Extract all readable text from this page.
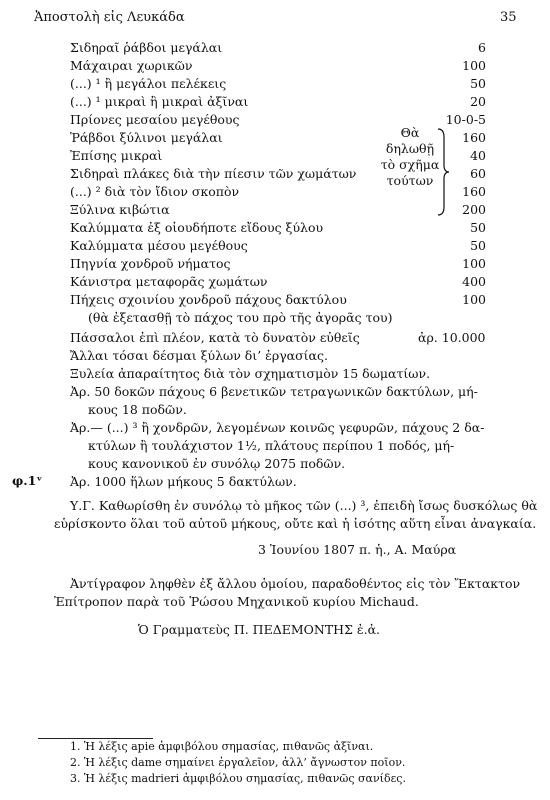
Ἀποστολὴ εἰς Λευκάδα	35
Σιδηραῖ ῥάβδοι μεγάλαι	6
Μάχαιραι χωρικῶν	100
(...) ¹ ἢ μεγάλοι πελέκεις	50
(...) ¹ μικραὶ ἢ μικραὶ ἀξῖναι	20
Πρίονες μεσαίου μεγέθους	10-0-5
Ῥάβδοι ξύλινοι μεγάλαι	160
Ἐπίσης μικραὶ	40
Σιδηραὶ πλάκες διὰ τὴν πίεσιν τῶν χωμάτων	60
(...) ² διὰ τὸν ἴδιον σκοπὸν	160
Ξύλινα κιβώτια	200
Καλύμματα ἐξ οἱουδήποτε εἴδους ξύλου	50
Καλύμματα μέσου μεγέθους	50
Πηγνία χονδροῦ νήματος	100
Κάνιστρα μεταφορᾶς χωμάτων	400
Πήχεις σχοινίου χονδροῦ πάχους δακτύλου	100
Θὰ
δηλωθῇ
τὸ σχῆμα
τούτων
(θὰ ἐξετασθῇ τὸ πάχος του πρὸ τῆς ἀγορᾶς του)
Πάσσαλοι ἐπὶ πλέον, κατὰ τὸ δυνατὸν εὐθεῖς	ἀρ. 10.000
Ἄλλαι τόσαι δέσμαι ξύλων δι’ ἐργασίας.
Ξυλεία ἀπαραίτητος διὰ τὸν σχηματισμὸν 15 δωματίων.
Ἀρ. 50 δοκῶν πάχους 6 βενετικῶν τετραγωνικῶν δακτύλων, μή-
κους 18 ποδῶν.
Ἀρ.— (...) ³ ἢ χονδρῶν, λεγομένων κοινῶς γεφυρῶν, πάχους 2 δα-
κτύλων ἢ τουλάχιστον 1½, πλάτους περίπου 1 ποδός, μή-
κους κανονικοῦ ἐν συνόλῳ 2075 ποδῶν.
φ.1ᵛ Ἀρ. 1000 ἥλων μήκους 5 δακτύλων.
Υ.Γ. Καθωρίσθη ἐν συνόλῳ τὸ μῆκος τῶν (...) ³, ἐπειδὴ ἴσως δυσκόλως θὰ
εὑρίσκοντο ὅλαι τοῦ αὐτοῦ μήκους, οὔτε καὶ ἡ ἰσότης αὕτη εἶναι ἀναγκαία.
3 Ἰουνίου 1807 π. ἡ., Α. Μαύρα
Ἀντίγραφον ληφθὲν ἐξ ἄλλου ὁμοίου, παραδοθέντος εἰς τὸν Ἔκτακτον
Ἐπίτροπον παρὰ τοῦ Ῥώσου Μηχανικοῦ κυρίου Michaud.
Ὁ Γραμματεὺς Π. ΠΕΔΕΜΟΝΤΗΣ ἐ.ἀ.
1. Ἡ λέξις apie ἀμφιβόλου σημασίας, πιθανῶς ἀξῖναι.
2. Ἡ λέξις dame σημαίνει ἐργαλεῖον, ἀλλ’ ἄγνωστον ποῖον.
3. Ἡ λέξις madrieri ἀμφιβόλου σημασίας, πιθανῶς σανίδες.
